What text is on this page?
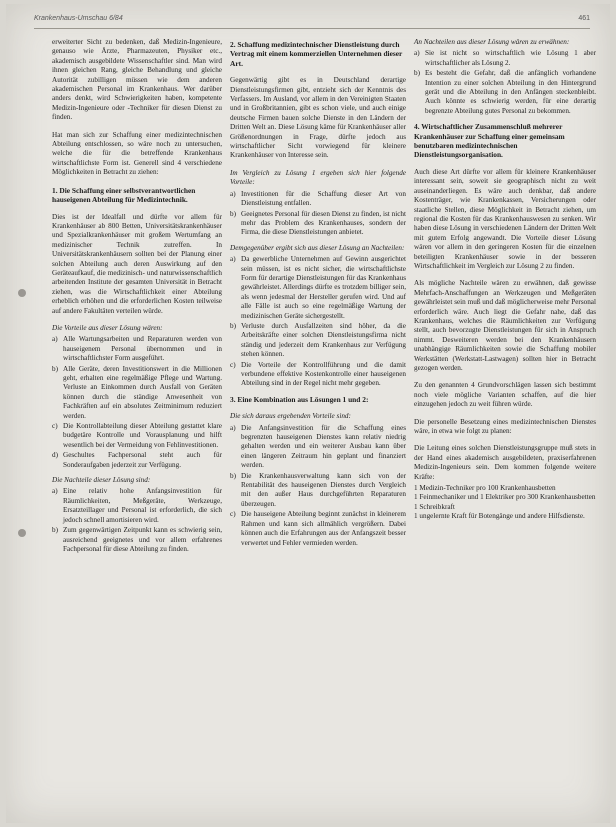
Krankenhaus-Umschau 6/84	461

erweiterter Sicht zu bedenken, daß Medizin-Ingenieure, genauso wie Ärzte, Pharmazeuten, Physiker etc., akademisch ausgebildete Wissenschaftler sind. Man wird ihnen gleichen Rang, gleiche Behandlung und gleiche Autorität zubilligen müssen wie dem anderen akademischen Personal im Krankenhaus. Wer darüber anders denkt, wird Schwierigkeiten haben, kompetente Medizin-Ingenieure oder -Techniker für diesen Dienst zu finden.

Hat man sich zur Schaffung einer medizintechnischen Abteilung entschlossen, so wäre noch zu untersuchen, welche die für die betreffende Krankenhaus wirtschaftlichste Form ist. Generell sind 4 verschiedene Möglichkeiten in Betracht zu ziehen:

1. Die Schaffung einer selbstverantwortlichen hauseigenen Abteilung für Medizintechnik.

Dies ist der Idealfall und dürfte vor allem für Krankenhäuser ab 800 Betten, Universitätskrankenhäuser und Spezialkrankenhäuser mit großem Wertumfang an medizinischer Technik zutreffen. In Universitätskrankenhäusern sollten bei der Planung einer solchen Abteilung auch deren Auswirkung auf den Geräteaufkauf, die medizinisch- und naturwissenschaftlich arbeitenden Institute der gesamten Universität in Betracht ziehen, was die Wirtschaftlichkeit einer Abteilung erheblich erhöhen und die erforderlichen Kosten teilweise auf andere Fakultäten verteilen würde.

Die Vorteile aus dieser Lösung wären:
a) Alle Wartungsarbeiten und Reparaturen werden von hauseigenem Personal übernommen und in wirtschaftlichster Form ausgeführt.
b) Alle Geräte, deren Investitionswert in die Millionen geht, erhalten eine regelmäßige Pflege und Wartung. Verluste an Einkommen durch Ausfall von Geräten können durch die ständige Anwesenheit von Fachkräften auf ein absolutes Zeitminimum reduziert werden.
c) Die Kontrollabteilung dieser Abteilung gestattet klare budgetäre Kontrolle und Vorausplanung und hilft wesentlich bei der Vermeidung von Fehlinvestitionen.
d) Geschultes Fachpersonal steht auch für Sonderaufgaben jederzeit zur Verfügung.
Die Nachteile dieser Lösung sind:
a) Eine relativ hohe Anfangsinvestition für Räumlichkeiten, Meßgeräte, Werkzeuge, Ersatzteillager und Personal ist erforderlich, die sich jedoch schnell amortisieren wird.
b) Zum gegenwärtigen Zeitpunkt kann es schwierig sein, ausreichend geeignetes und vor allem erfahrenes Fachpersonal für diese Abteilung zu finden.
2. Schaffung medizintechnischer Dienstleistung durch Vertrag mit einem kommerziellen Unternehmen dieser Art.

Gegenwärtig gibt es in Deutschland derartige Dienstleistungsfirmen gibt, entzieht sich der Kenntnis des Verfassers. Im Ausland, vor allem in den Vereinigten Staaten und in Großbritannien, gibt es schon viele, und auch einige deutsche Firmen bauen solche Dienste in den Ländern der Dritten Welt an. Diese Lösung käme für Krankenhäuser aller Größenordnungen in Frage, dürfte jedoch aus wirtschaftlicher Sicht vorwiegend für kleinere Krankenhäuser von Interesse sein.

Im Vergleich zu Lösung 1 ergeben sich hier folgende Vorteile:
a) Investitionen für die Schaffung dieser Art von Dienstleistung entfallen.
b) Geeignetes Personal für diesen Dienst zu finden, ist nicht mehr das Problem des Krankenhauses, sondern der Firma, die diese Dienstleistungen anbietet.
Demgegenüber ergibt sich aus dieser Lösung an Nachteilen:
a) Da gewerbliche Unternehmen auf Gewinn ausgerichtet sein müssen, ist es nicht sicher, die wirtschaftlichste Form für derartige Dienstleistungen für das Krankenhaus gewährleistet. Allerdings dürfte es trotzdem billiger sein, als wenn jedesmal der Hersteller gerufen wird. Und auf alle Fälle ist auch so eine regelmäßige Wartung der medizinischen Geräte sichergestellt.
b) Verluste durch Ausfallzeiten sind höher, da die Arbeitskräfte einer solchen Dienstleistungsfirma nicht ständig und jederzeit dem Krankenhaus zur Verfügung stehen können.
c) Die Vorteile der Kontrollführung und die damit verbundene effektive Kostenkontrolle einer hauseigenen Abteilung sind in der Regel nicht mehr gegeben.
3. Eine Kombination aus Lösungen 1 und 2:
Die sich daraus ergebenden Vorteile sind:
a) Die Anfangsinvestition für die Schaffung eines begrenzten hauseigenen Dienstes kann relativ niedrig gehalten werden und ein weiterer Ausbau kann über einen längeren Zeitraum hin geplant und finanziert werden.
b) Die Krankenhausverwaltung kann sich von der Rentabilität des hauseigenen Dienstes durch Vergleich mit den außer Haus durchgeführten Reparaturen überzeugen.
c) Die hauseigene Abteilung beginnt zunächst in kleinerem Rahmen und kann sich allmählich vergrößern. Dabei können auch die Erfahrungen aus der Anfangszeit besser verwertet und Fehler vermieden werden.
An Nachteilen aus dieser Lösung wären zu erwähnen:
a) Sie ist nicht so wirtschaftlich wie Lösung 1 aber wirtschaftlicher als Lösung 2.
b) Es besteht die Gefahr, daß die anfänglich vorhandene Intention zu einer solchen Abteilung in den Hintergrund gerät und die Abteilung in den Anfängen steckenbleibt. Auch könnte es schwierig werden, für eine derartig begrenzte Abteilung gutes Personal zu bekommen.
4. Wirtschaftlicher Zusammenschluß mehrerer Krankenhäuser zur Schaffung einer gemeinsam benutzbaren medizintechnischen Dienstleistungsorganisation.

Auch diese Art dürfte vor allem für kleinere Krankenhäuser interessant sein, soweit sie geographisch nicht zu weit auseinanderliegen. Es wäre auch denkbar, daß andere Kostenträger, wie Krankenkassen, Versicherungen oder staatliche Stellen, diese Möglichkeit in Betracht ziehen, um regional die Kosten für das Krankenhauswesen zu senken. Wir haben diese Lösung in verschiedenen Ländern der Dritten Welt mit gutem Erfolg angewandt. Die Vorteile dieser Lösung wären vor allem in den geringeren Kosten für die einzelnen beteiligten Krankenhäuser sowie in der besseren Wirtschaftlichkeit im Vergleich zur Lösung 2 zu finden.

Als mögliche Nachteile wären zu erwähnen, daß gewisse Mehrfach-Anschaffungen an Werkzeugen und Meßgeräten gewährleistet sein muß und daß möglicherweise mehr Personal erforderlich wäre. Auch liegt die Gefahr nahe, daß das Krankenhaus, welches die Räumlichkeiten zur Verfügung stellt, auch bevorzugte Dienstleistungen für sich in Anspruch nimmt. Desweiteren werden bei den Krankenhäusern unabhängige Räumlichkeiten sowie die Schaffung mobiler Werkstätten (Werkstatt-Lastwagen) sollten hier in Betracht gezogen werden.

Zu den genannten 4 Grundvorschlägen lassen sich bestimmt noch viele mögliche Varianten schaffen, auf die hier einzugehen jedoch zu weit führen würde.

Die personelle Besetzung eines medizintechnischen Dienstes wäre, in etwa wie folgt zu planen:

Die Leitung eines solchen Dienstleistungsgruppe muß stets in der Hand eines akademisch ausgebildeten, praxiserfahrenen Medizin-Ingenieurs sein. Dem kommen folgende weitere Kräfte:

1 Medizin-Techniker pro 100 Krankenhausbetten
1 Feinmechaniker und 1 Elektriker pro 300 Krankenhausbetten
1 Schreibkraft
1 ungelernte Kraft für Botengänge und andere Hilfsdienste.
